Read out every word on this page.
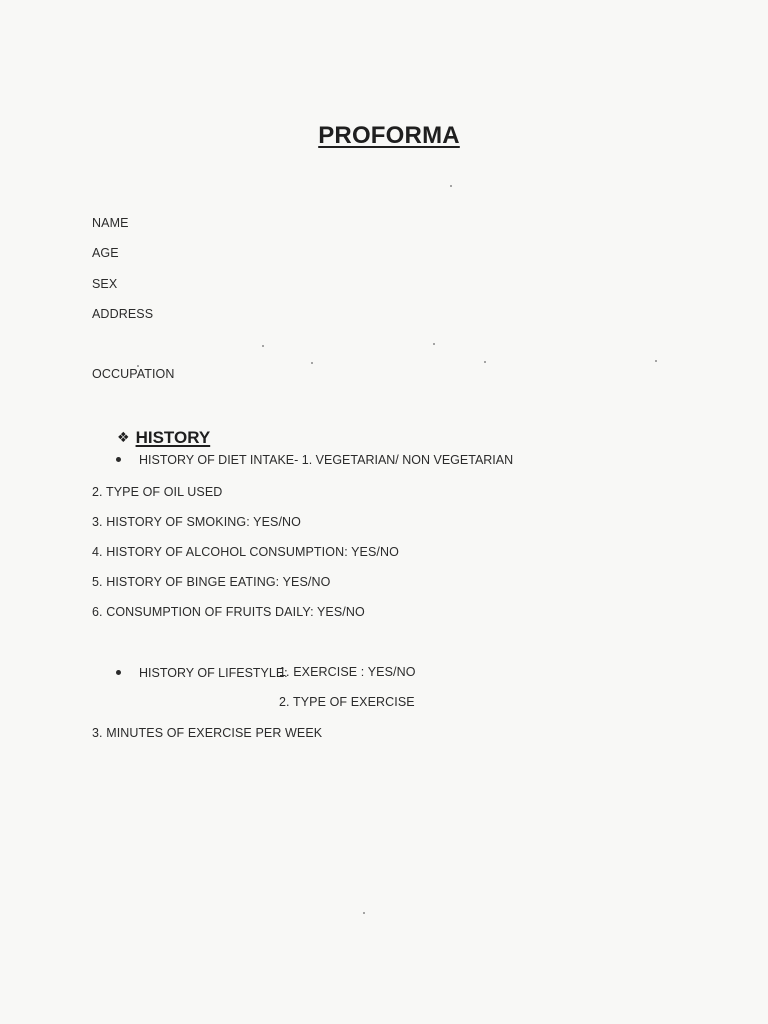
PROFORMA
NAME
AGE
SEX
ADDRESS
OCCUPATION
❖ HISTORY
HISTORY OF DIET INTAKE- 1. VEGETARIAN/ NON VEGETARIAN
2. TYPE OF OIL USED
3. HISTORY OF SMOKING: YES/NO
4. HISTORY OF ALCOHOL CONSUMPTION: YES/NO
5. HISTORY OF BINGE EATING: YES/NO
6. CONSUMPTION OF FRUITS DAILY: YES/NO
HISTORY OF LIFESTYLE:
1. EXERCISE : YES/NO
2. TYPE OF EXERCISE
3. MINUTES OF EXERCISE PER WEEK
